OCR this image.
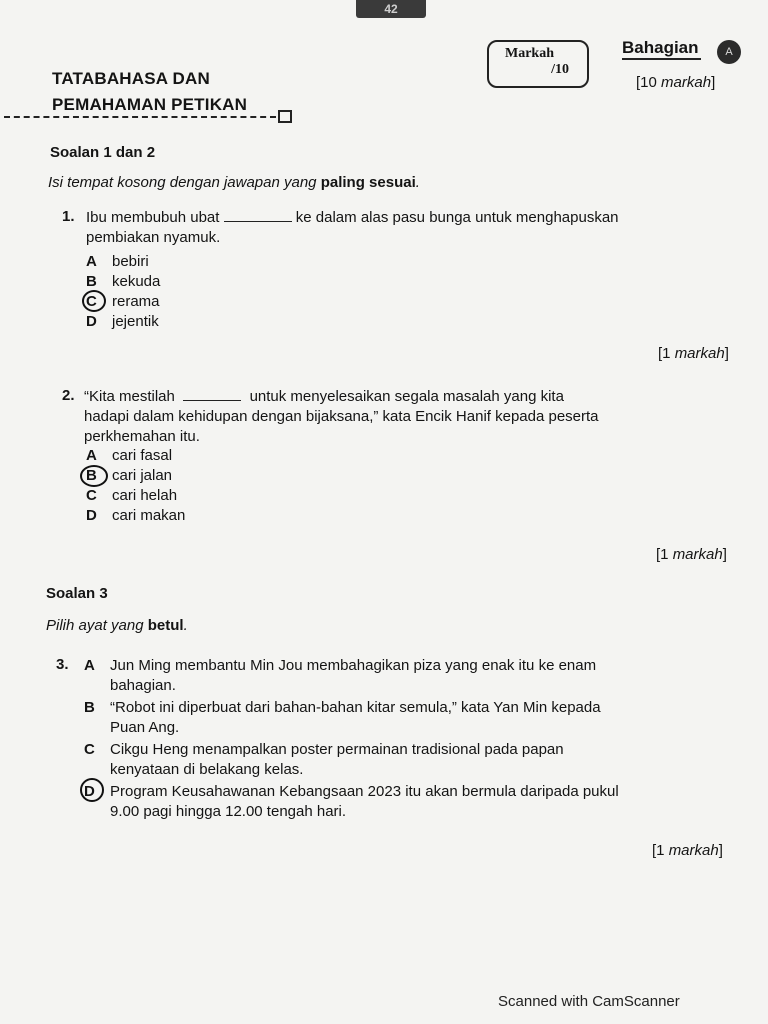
42
TATABAHASA DAN
PEMAHAMAN PETIKAN
Markah
/10
Bahagian	A
[10 markah]
Soalan 1 dan 2
Isi tempat kosong dengan jawapan yang paling sesuai.
1. Ibu membubuh ubat	ke dalam alas pasu bunga untuk menghapuskan
pembiakan nyamuk.
A bebiri
B kekuda
C rerama
D jejentik
[1 markah]
2. “Kita mestilah	untuk menyelesaikan segala masalah yang kita
hadapi dalam kehidupan dengan bijaksana,” kata Encik Hanif kepada peserta
perkhemahan itu.
A cari fasal
B cari jalan
C cari helah
D cari makan
[1 markah]
Soalan 3
Pilih ayat yang betul.
3. A	Jun Ming membantu Min Jou membahagikan piza yang enak itu ke enam
bahagian.
B	“Robot ini diperbuat dari bahan-bahan kitar semula,” kata Yan Min kepada
Puan Ang.
C	Cikgu Heng menampalkan poster permainan tradisional pada papan
kenyataan di belakang kelas.
D	Program Keusahawanan Kebangsaan 2023 itu akan bermula daripada pukul
9.00 pagi hingga 12.00 tengah hari.
[1 markah]
Scanned with CamScanner
